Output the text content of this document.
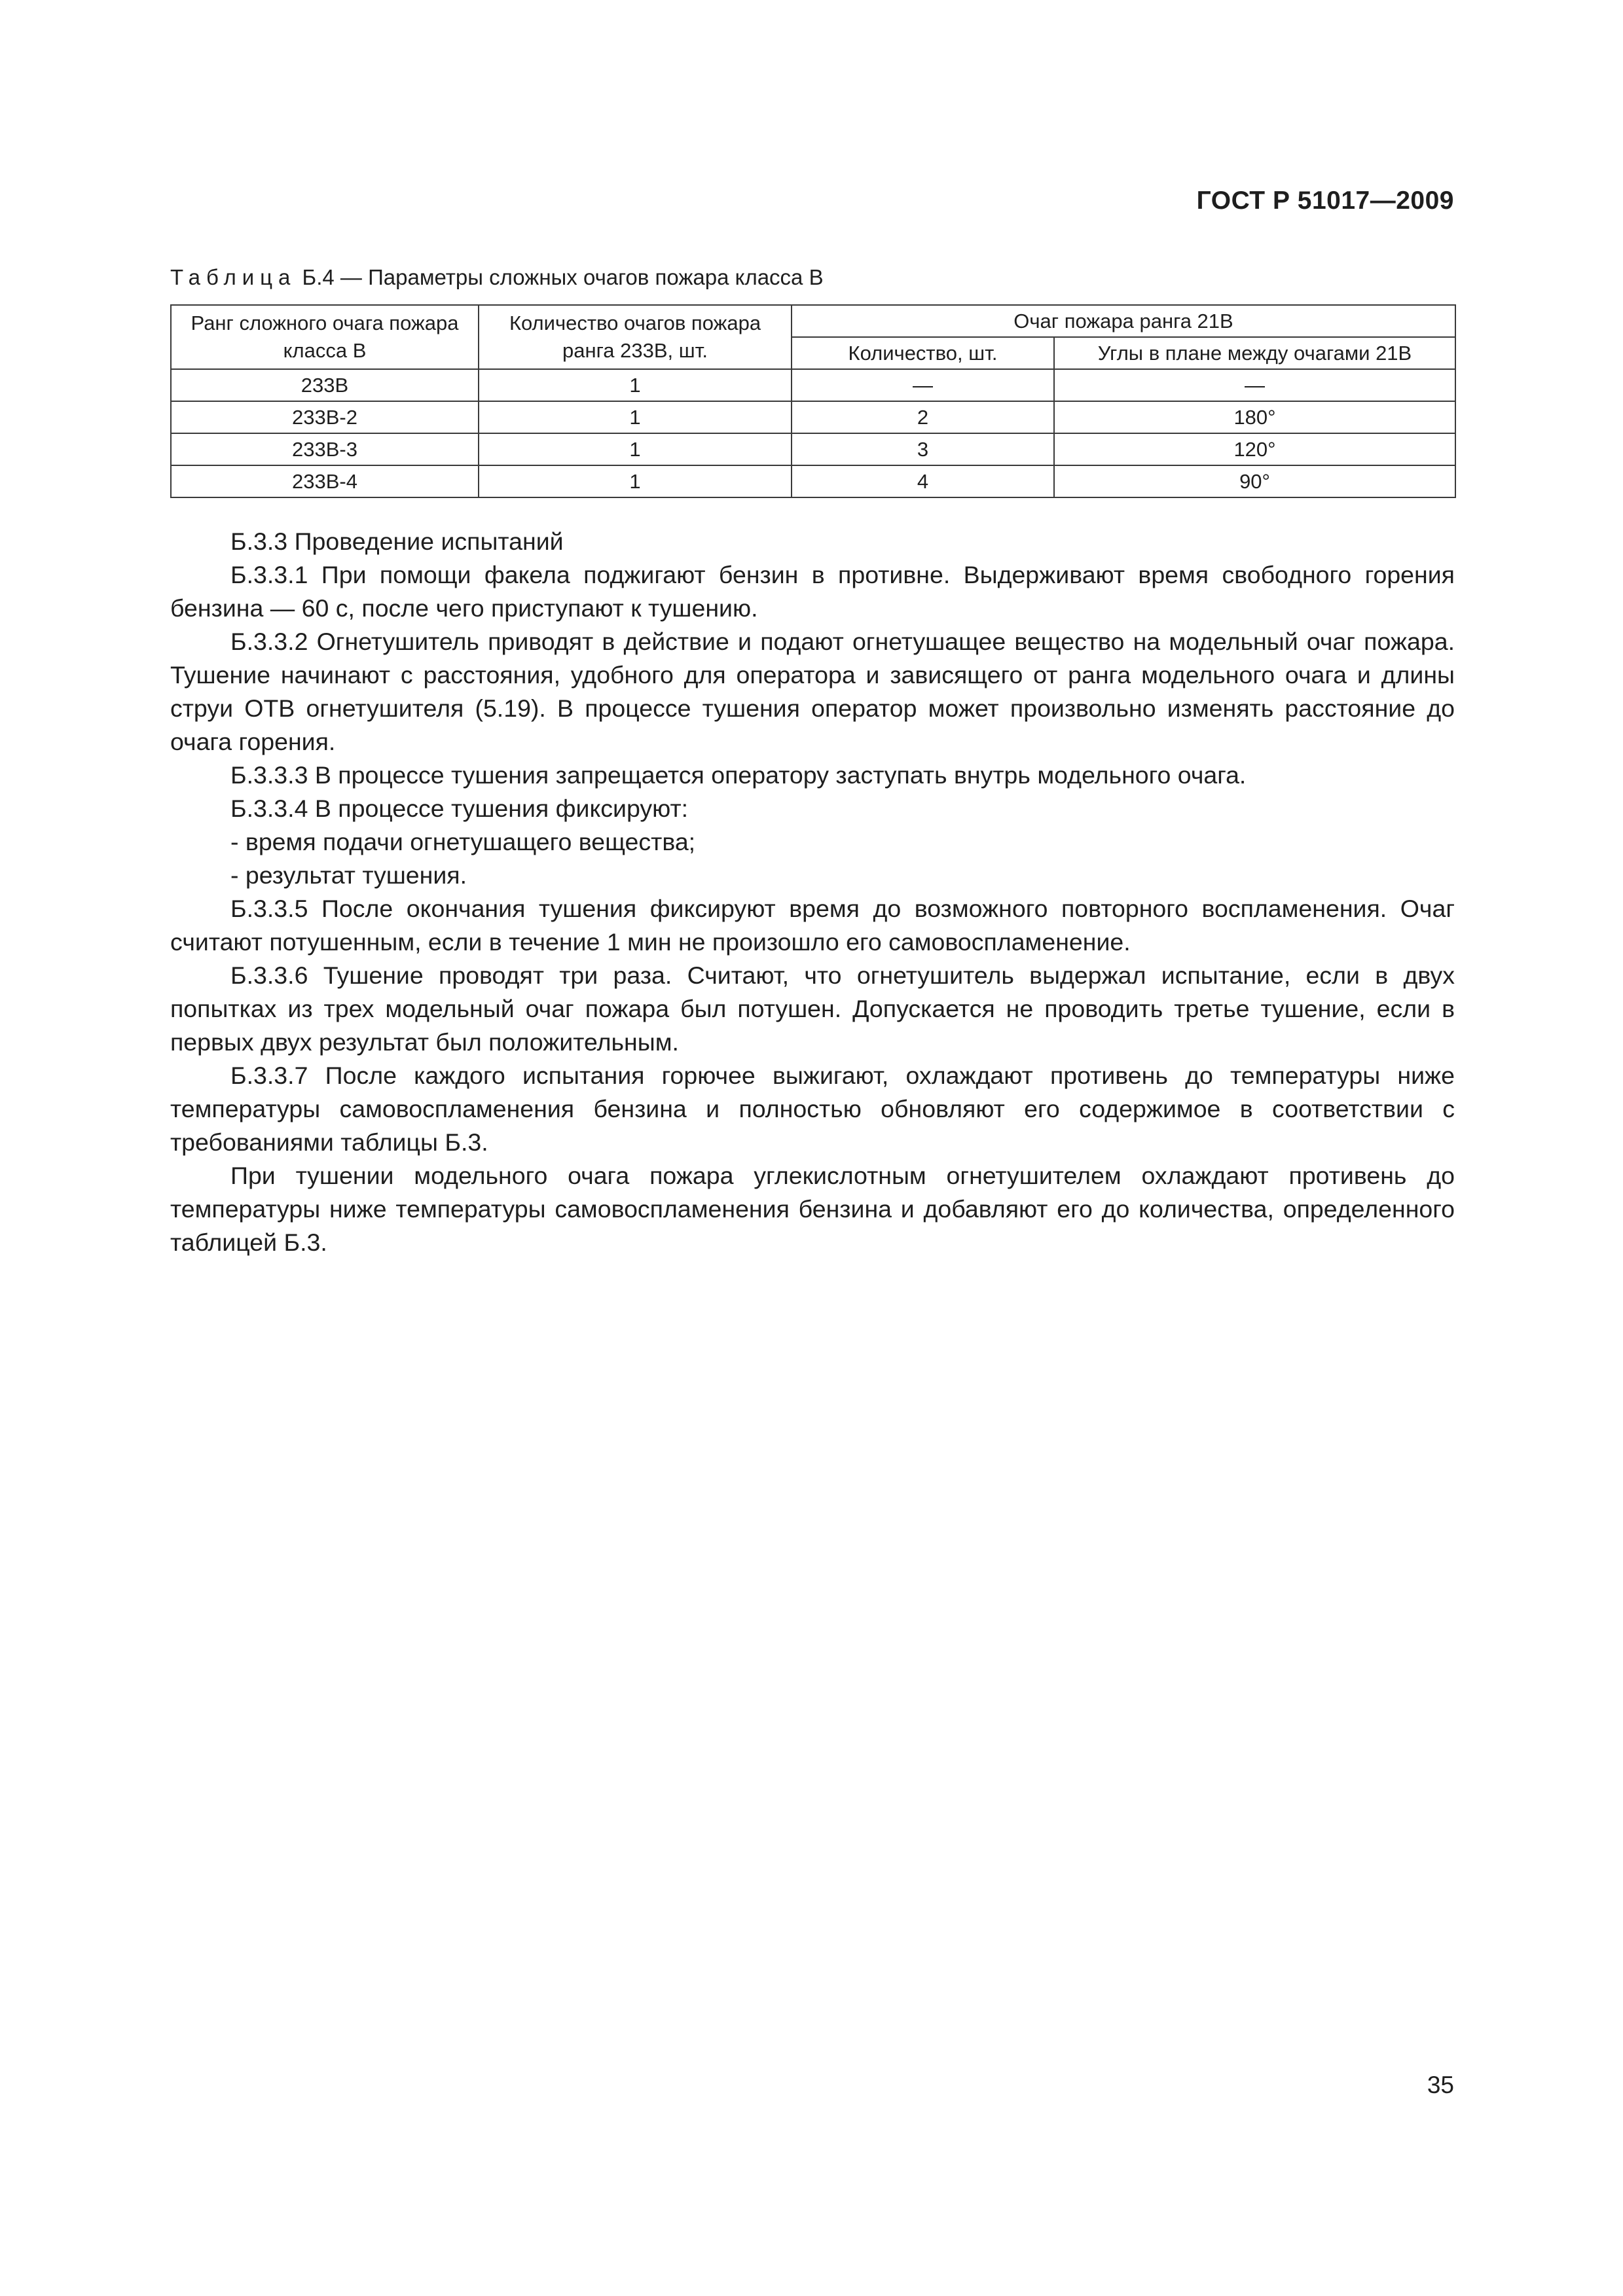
ГОСТ Р 51017—2009
Таблица Б.4 — Параметры сложных очагов пожара класса В
Ранг сложного очага пожара класса В	Количество очагов пожара ранга 233В, шт.	Очаг пожара ранга 21В	
		Количество, шт.	Углы в плане между очагами 21В
233В	1	—	—
233В-2	1	2	180°
233В-3	1	3	120°
233В-4	1	4	90°

Б.3.3 Проведение испытаний

Б.3.3.1 При помощи факела поджигают бензин в противне. Выдерживают время свободного горения бензина — 60 с, после чего приступают к тушению.

Б.3.3.2 Огнетушитель приводят в действие и подают огнетушащее вещество на модельный очаг пожара. Тушение начинают с расстояния, удобного для оператора и зависящего от ранга модельного очага и длины струи ОТВ огнетушителя (5.19). В процессе тушения оператор может произвольно изменять расстояние до очага горения.

Б.3.3.3 В процессе тушения запрещается оператору заступать внутрь модельного очага.

Б.3.3.4 В процессе тушения фиксируют:

- время подачи огнетушащего вещества;

- результат тушения.

Б.3.3.5 После окончания тушения фиксируют время до возможного повторного воспламенения. Очаг считают потушенным, если в течение 1 мин не произошло его самовоспламенение.

Б.3.3.6 Тушение проводят три раза. Считают, что огнетушитель выдержал испытание, если в двух попытках из трех модельный очаг пожара был потушен. Допускается не проводить третье тушение, если в первых двух результат был положительным.

Б.3.3.7 После каждого испытания горючее выжигают, охлаждают противень до температуры ниже температуры самовоспламенения бензина и полностью обновляют его содержимое в соответствии с требованиями таблицы Б.3.

При тушении модельного очага пожара углекислотным огнетушителем охлаждают противень до температуры ниже температуры самовоспламенения бензина и добавляют его до количества, определенного таблицей Б.3.

35
